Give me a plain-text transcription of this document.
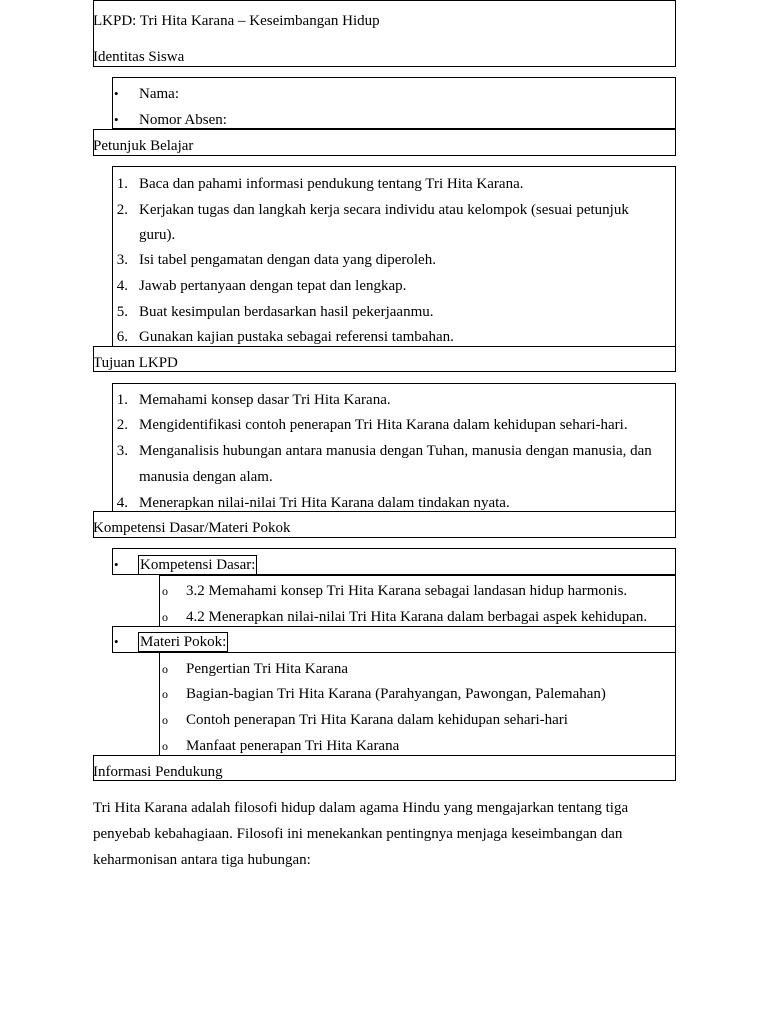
LKPD: Tri Hita Karana – Keseimbangan Hidup
Identitas Siswa
• Nama:
• Nomor Absen:
Petunjuk Belajar
1. Baca dan pahami informasi pendukung tentang Tri Hita Karana.
2. Kerjakan tugas dan langkah kerja secara individu atau kelompok (sesuai petunjuk
guru).
3. Isi tabel pengamatan dengan data yang diperoleh.
4. Jawab pertanyaan dengan tepat dan lengkap.
5. Buat kesimpulan berdasarkan hasil pekerjaanmu.
6. Gunakan kajian pustaka sebagai referensi tambahan.
Tujuan LKPD
1. Memahami konsep dasar Tri Hita Karana.
2. Mengidentifikasi contoh penerapan Tri Hita Karana dalam kehidupan sehari-hari.
3. Menganalisis hubungan antara manusia dengan Tuhan, manusia dengan manusia, dan
manusia dengan alam.
4. Menerapkan nilai-nilai Tri Hita Karana dalam tindakan nyata.
Kompetensi Dasar/Materi Pokok
• Kompetensi Dasar:
o 3.2 Memahami konsep Tri Hita Karana sebagai landasan hidup harmonis.
o 4.2 Menerapkan nilai-nilai Tri Hita Karana dalam berbagai aspek kehidupan.
• Materi Pokok:
o Pengertian Tri Hita Karana
o Bagian-bagian Tri Hita Karana (Parahyangan, Pawongan, Palemahan)
o Contoh penerapan Tri Hita Karana dalam kehidupan sehari-hari
o Manfaat penerapan Tri Hita Karana
Informasi Pendukung
Tri Hita Karana adalah filosofi hidup dalam agama Hindu yang mengajarkan tentang tiga
penyebab kebahagiaan. Filosofi ini menekankan pentingnya menjaga keseimbangan dan
keharmonisan antara tiga hubungan:
